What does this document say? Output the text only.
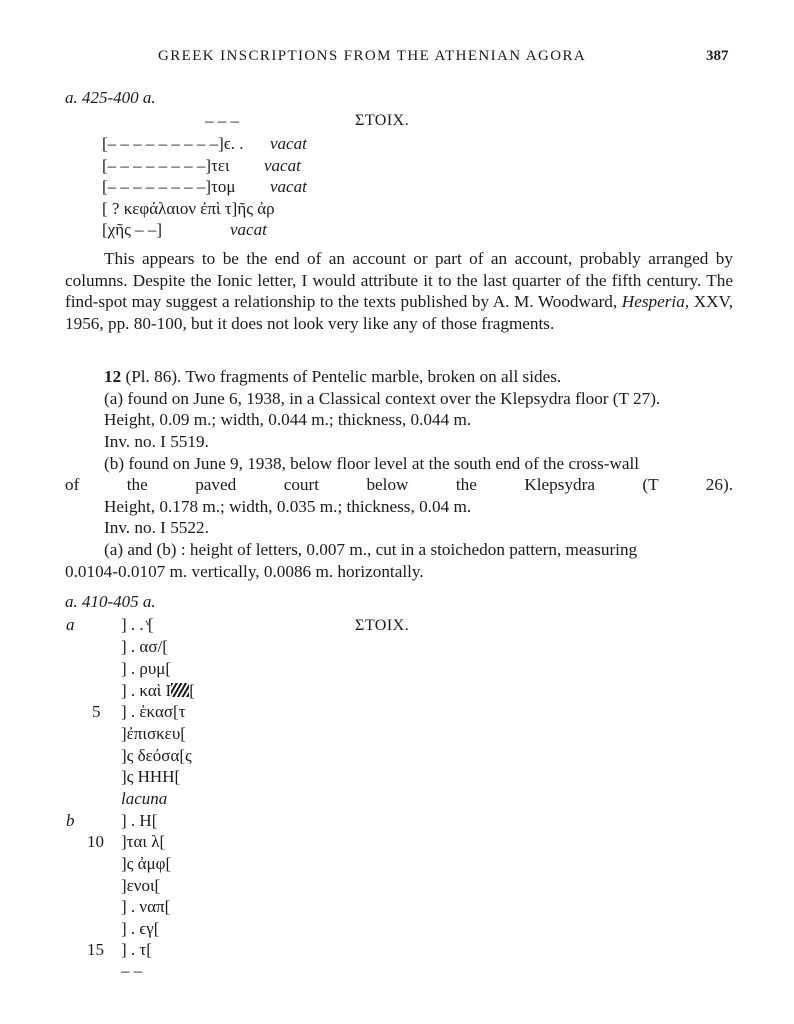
GREEK INSCRIPTIONS FROM THE ATHENIAN AGORA	387
a. 425-400 a.
ΣΤΟΙΧ.
– – –
[– – – – – – – – –]ϵ. . vacat
[– – – – – – – –]τει vacat
[– – – – – – – –]τομ vacat
[ ? κεφάλαιον ἐπὶ τ]ῆς ἀρ
[χῆς – –]	vacat

This appears to be the end of an account or part of an account, probably arranged by columns. Despite the Ionic letter, I would attribute it to the last quarter of the fifth century. The find-spot may suggest a relationship to the texts published by A. M. Woodward, Hesperia, XXV, 1956, pp. 80-100, but it does not look very like any of those fragments.

12 (Pl. 86). Two fragments of Pentelic marble, broken on all sides.
(a) found on June 6, 1938, in a Classical context over the Klepsydra floor (T 27).
Height, 0.09 m.; width, 0.044 m.; thickness, 0.044 m.
Inv. no. I 5519.
(b) found on June 9, 1938, below floor level at the south end of the cross-wall
of the paved court below the Klepsydra (T 26).
Height, 0.178 m.; width, 0.035 m.; thickness, 0.04 m.
Inv. no. I 5522.
(a) and (b) : height of letters, 0.007 m., cut in a stoichedon pattern, measuring
0.0104-0.0107 m. vertically, 0.0086 m. horizontally.
a. 410-405 a.
ΣΤΟΙΧ.
a	] . . ͮ[
] . ασ/[
] . ρυμ[
] . καὶ Ι [
5 ] . ἑκασ[τ
]ἐπισκευ[
]ς δεόσα[ς
]ς ΗΗΗ[
lacuna
b	] . Η[
10 ]ται λ[
]ς ἀμφ[
]ενοι[
] . ναπ[
] . ϵγ[
15 ] . τ[
– –
